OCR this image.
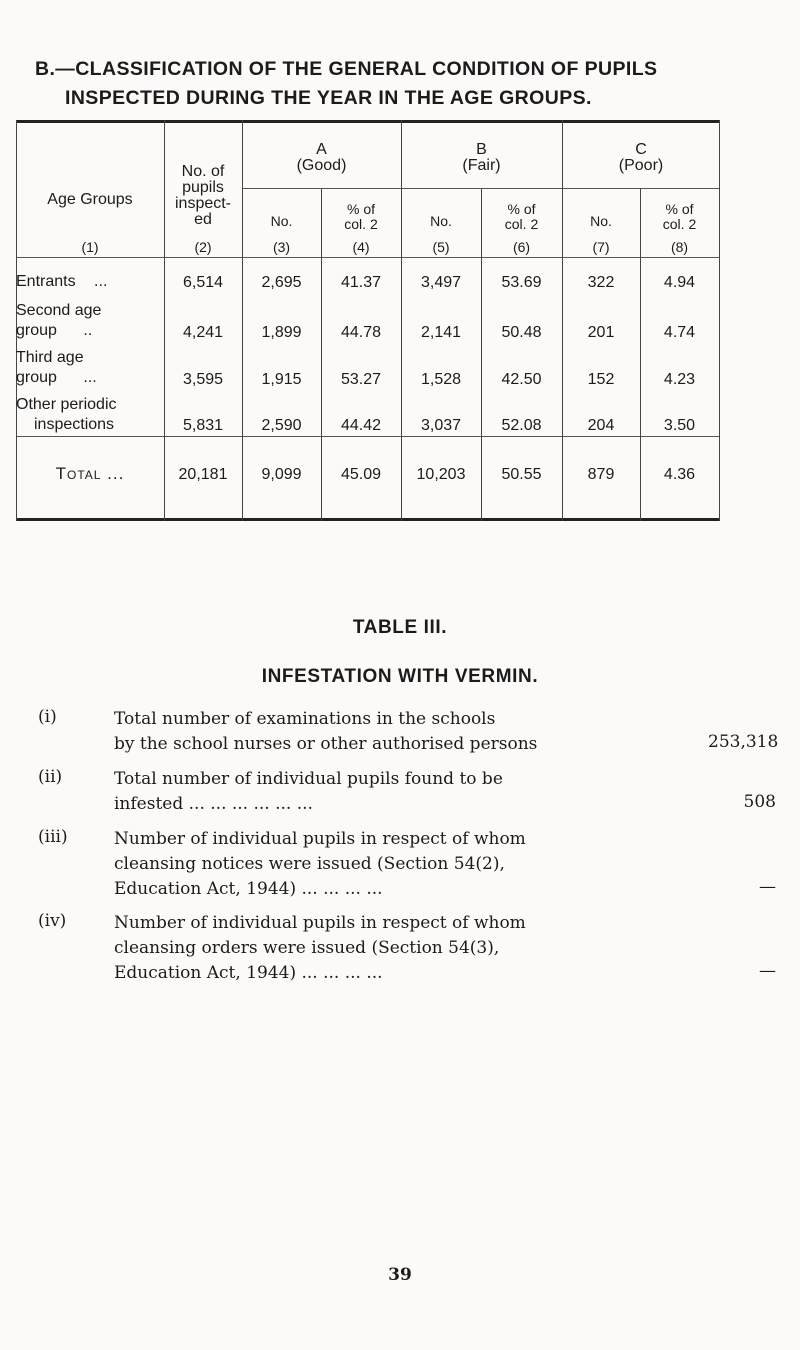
B.—CLASSIFICATION OF THE GENERAL CONDITION OF PUPILS
INSPECTED DURING THE YEAR IN THE AGE GROUPS.
Age Groups
(1)
No. of
pupils
inspect-
ed
(2)
A
(Good)
B
(Fair)
C
(Poor)
No.
% of
col. 2	No.
% of
col. 2	No.
% of
col. 2
(3)	(4)	(5)	(6)	(7)	(8)
Entrants ...	6,514	2,695	41.37	3,497	53.69	322	4.94
Second age
group ..	4,241	1,899	44.78	2,141	50.48	201	4.74
Third age
group ...	3,595	1,915	53.27	1,528	42.50	152	4.23
Other periodic
inspections	5,831	2,590	44.42	3,037	52.08	204	3.50
Total ...	20,181	9,099	45.09	10,203	50.55	879	4.36
TABLE III.
INFESTATION WITH VERMIN.
(i)	Total number of examinations in the schools
by the school nurses or other authorised persons	253,318
(ii)	Total number of individual pupils found to be
infested ... ... ... ... ... ...	508
(iii)	Number of individual pupils in respect of whom
cleansing notices were issued (Section 54(2),
Education Act, 1944) ... ... ... ...	—
(iv)	Number of individual pupils in respect of whom
cleansing orders were issued (Section 54(3),
Education Act, 1944) ... ... ... ...	—
39
